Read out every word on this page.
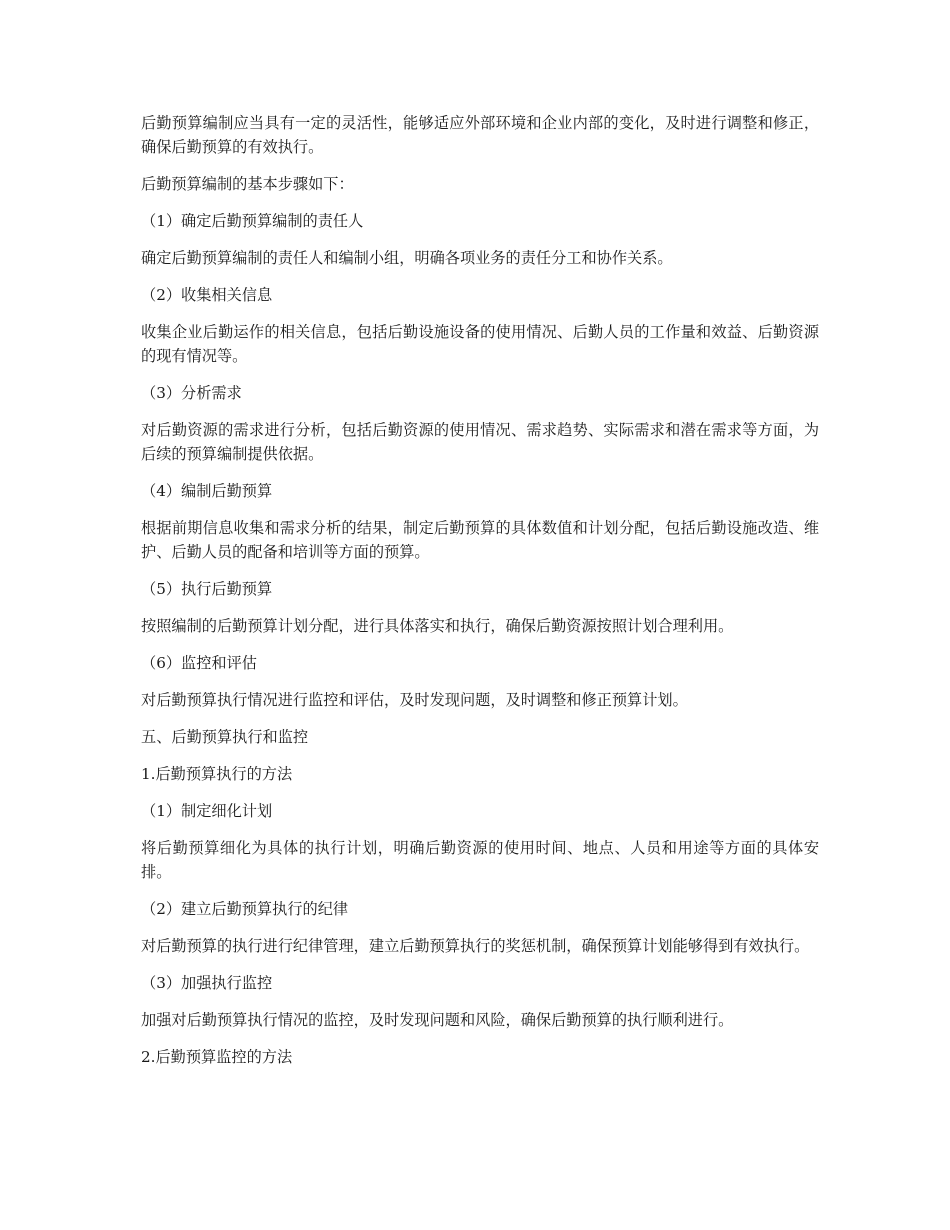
后勤预算编制应当具有一定的灵活性，能够适应外部环境和企业内部的变化，及时进行调整和修正，确保后勤预算的有效执行。

后勤预算编制的基本步骤如下：

（1）确定后勤预算编制的责任人

确定后勤预算编制的责任人和编制小组，明确各项业务的责任分工和协作关系。

（2）收集相关信息

收集企业后勤运作的相关信息，包括后勤设施设备的使用情况、后勤人员的工作量和效益、后勤资源的现有情况等。

（3）分析需求

对后勤资源的需求进行分析，包括后勤资源的使用情况、需求趋势、实际需求和潜在需求等方面，为后续的预算编制提供依据。

（4）编制后勤预算

根据前期信息收集和需求分析的结果，制定后勤预算的具体数值和计划分配，包括后勤设施改造、维护、后勤人员的配备和培训等方面的预算。

（5）执行后勤预算

按照编制的后勤预算计划分配，进行具体落实和执行，确保后勤资源按照计划合理利用。

（6）监控和评估

对后勤预算执行情况进行监控和评估，及时发现问题，及时调整和修正预算计划。

五、后勤预算执行和监控

1.后勤预算执行的方法

（1）制定细化计划

将后勤预算细化为具体的执行计划，明确后勤资源的使用时间、地点、人员和用途等方面的具体安排。

（2）建立后勤预算执行的纪律

对后勤预算的执行进行纪律管理，建立后勤预算执行的奖惩机制，确保预算计划能够得到有效执行。

（3）加强执行监控

加强对后勤预算执行情况的监控，及时发现问题和风险，确保后勤预算的执行顺利进行。

2.后勤预算监控的方法
